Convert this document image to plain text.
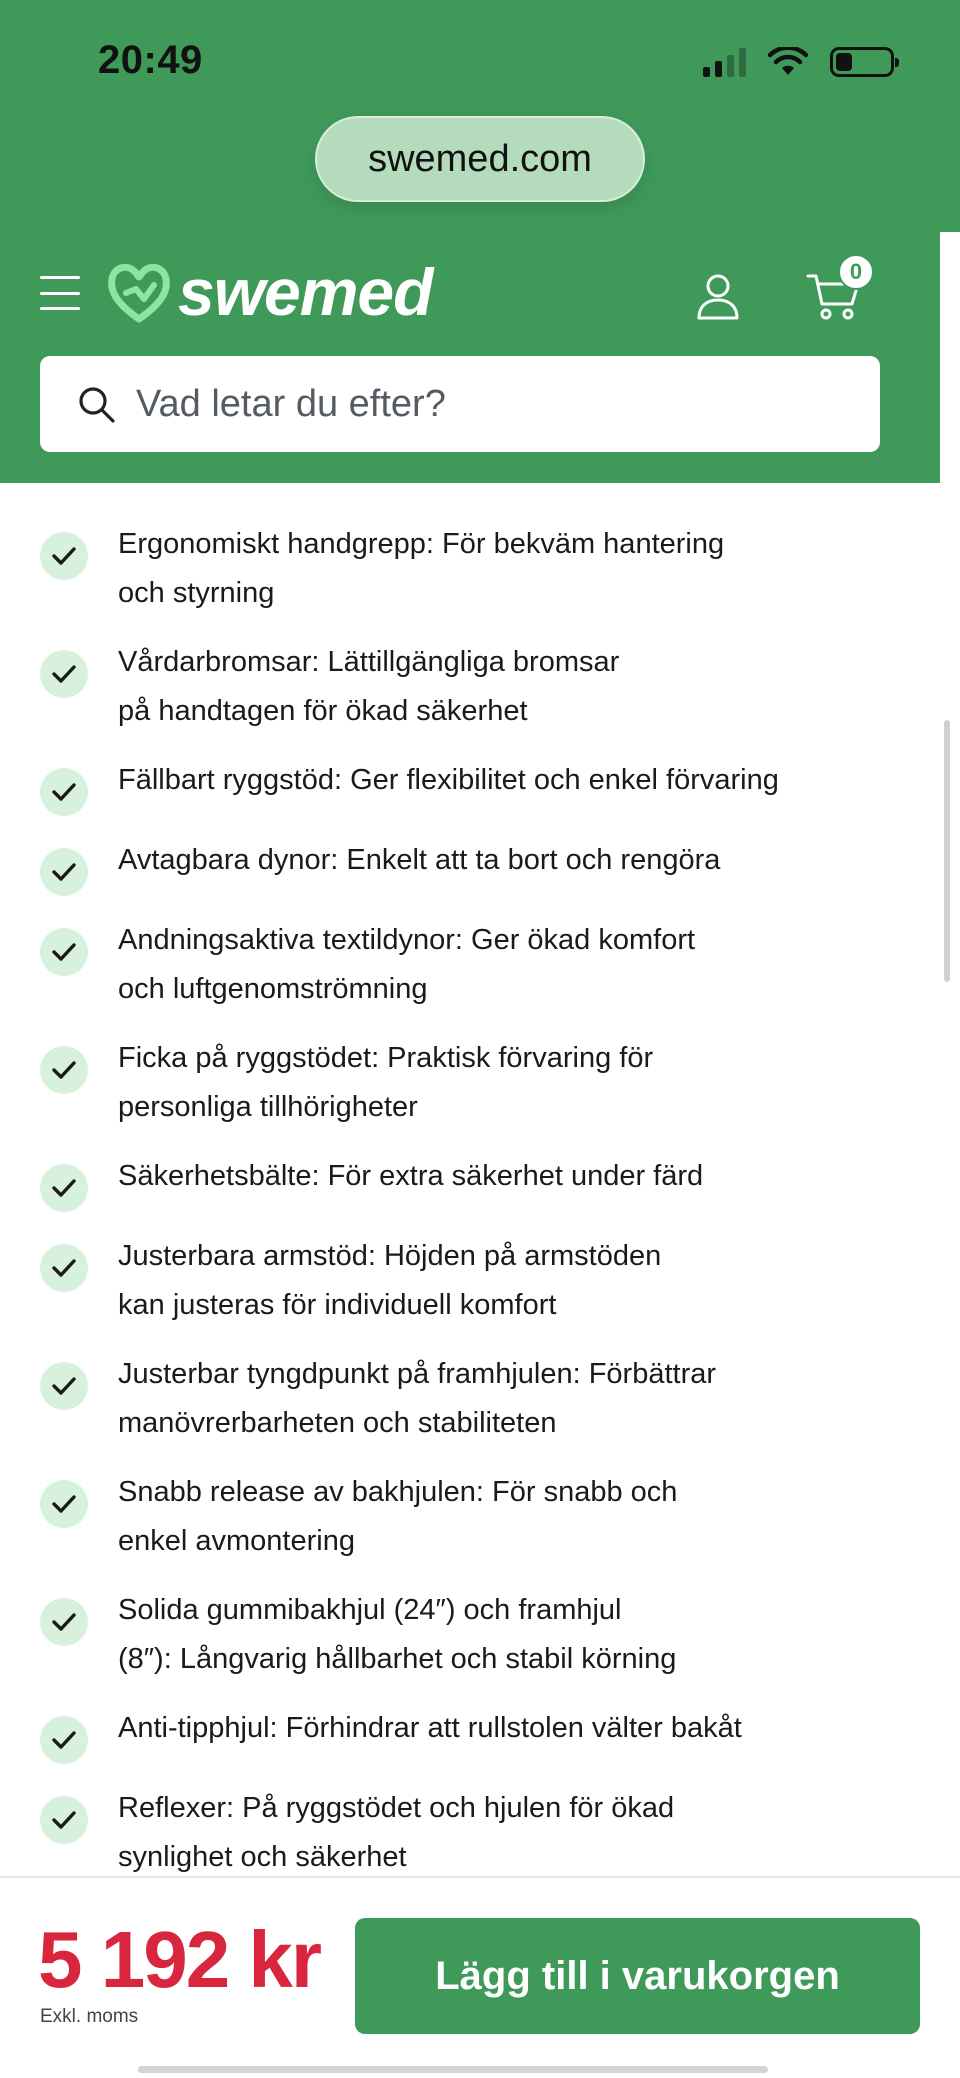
20:49
swemed.com
swemed	0
Vad letar du efter?
Ergonomiskt handgrepp: För bekväm hantering
och styrning
Vårdarbromsar: Lättillgängliga bromsar
på handtagen för ökad säkerhet
Fällbart ryggstöd: Ger flexibilitet och enkel förvaring
Avtagbara dynor: Enkelt att ta bort och rengöra
Andningsaktiva textildynor: Ger ökad komfort
och luftgenomströmning
Ficka på ryggstödet: Praktisk förvaring för
personliga tillhörigheter
Säkerhetsbälte: För extra säkerhet under färd
Justerbara armstöd: Höjden på armstöden
kan justeras för individuell komfort
Justerbar tyngdpunkt på framhjulen: Förbättrar
manövrerbarheten och stabiliteten
Snabb release av bakhjulen: För snabb och
enkel avmontering
Solida gummibakhjul (24″) och framhjul
(8″): Långvarig hållbarhet och stabil körning
Anti-tipphjul: Förhindrar att rullstolen välter bakåt
Reflexer: På ryggstödet och hjulen för ökad
synlighet och säkerhet
5 192 kr
Exkl. moms
Lägg till i varukorgen
